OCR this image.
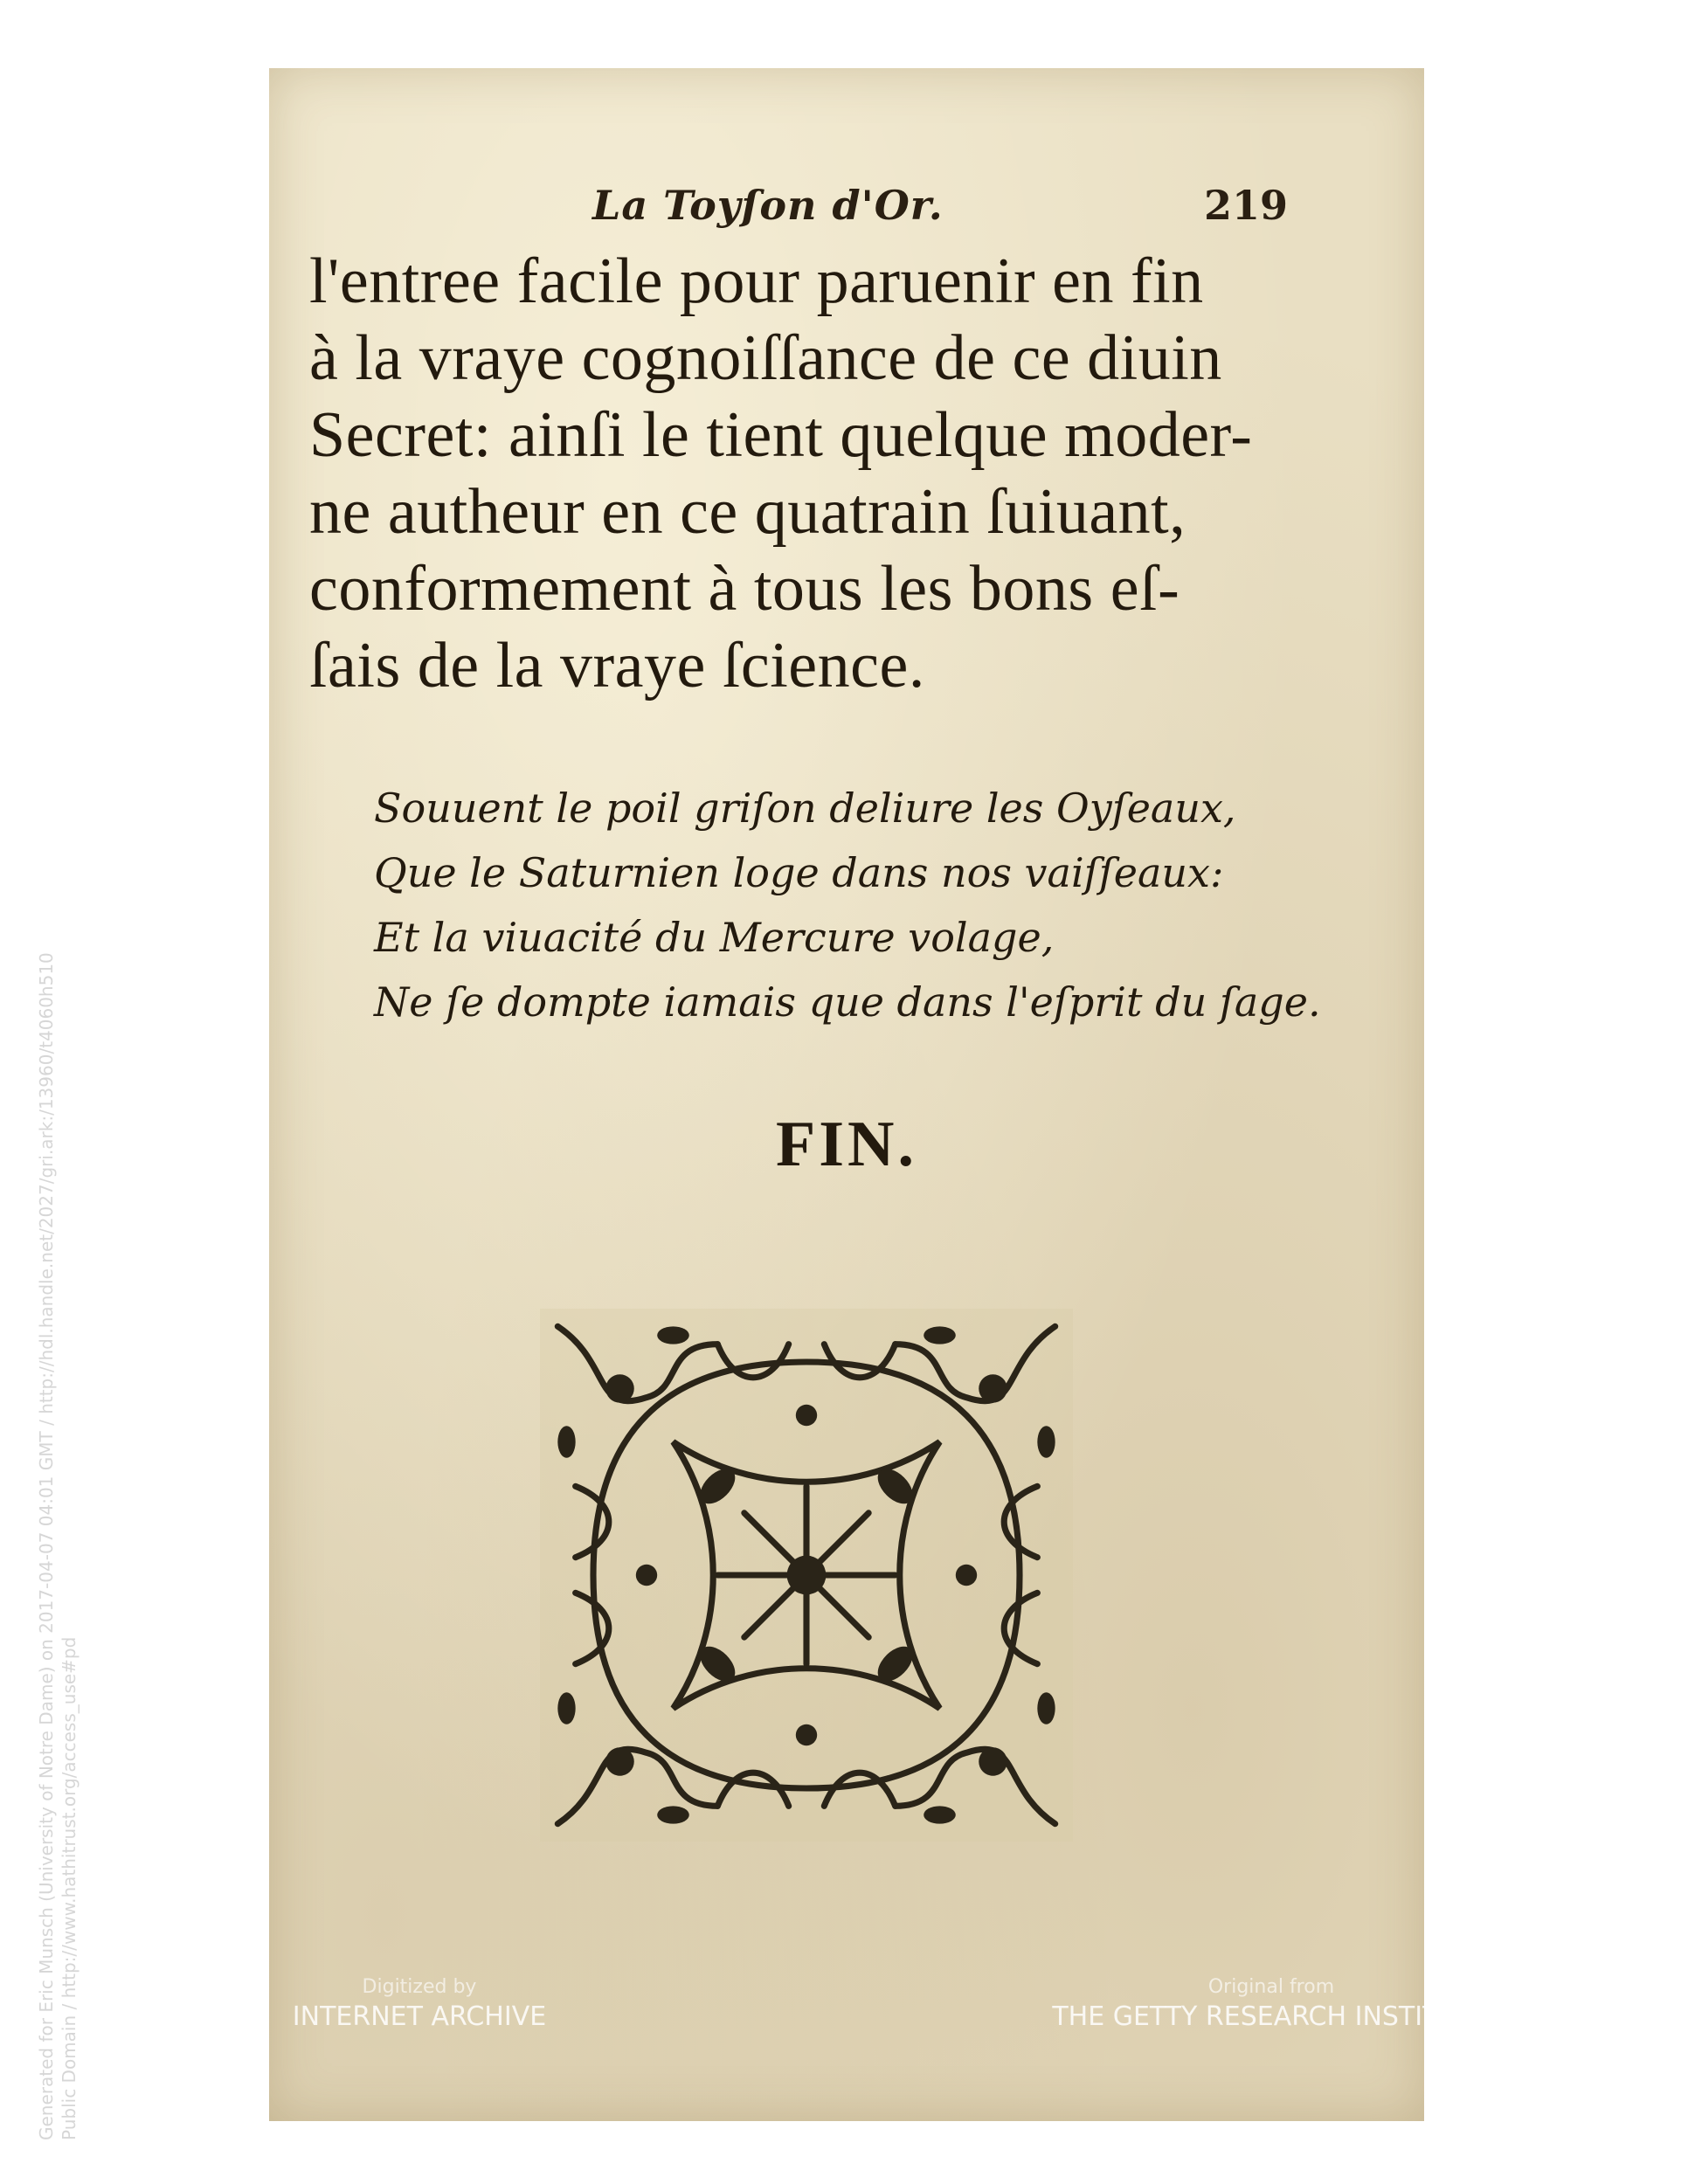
Generated for Eric Munsch (University of Notre Dame) on 2017-04-07 04:01 GMT / http://hdl.handle.net/2027/gri.ark:/13960/t4060h510 Public Domain / http://www.hathitrust.org/access_use#pd
La Toyſon d'Or.	219
l'entree facile pour paruenir en fin
à la vraye cognoiſſance de ce diuin
Secret: ainſi le tient quelque moder-
ne autheur en ce quatrain ſuiuant,
conformement à tous les bons eſ-
ſais de la vraye ſcience.
Souuent le poil griſon deliure les Oyſeaux,
Que le Saturnien loge dans nos vaiſſeaux:
Et la viuacité du Mercure volage,
Ne ſe dompte iamais que dans l'eſprit du ſage.
FIN.
Digitized by
INTERNET ARCHIVE
Original from
THE GETTY RESEARCH INSTITUTE
